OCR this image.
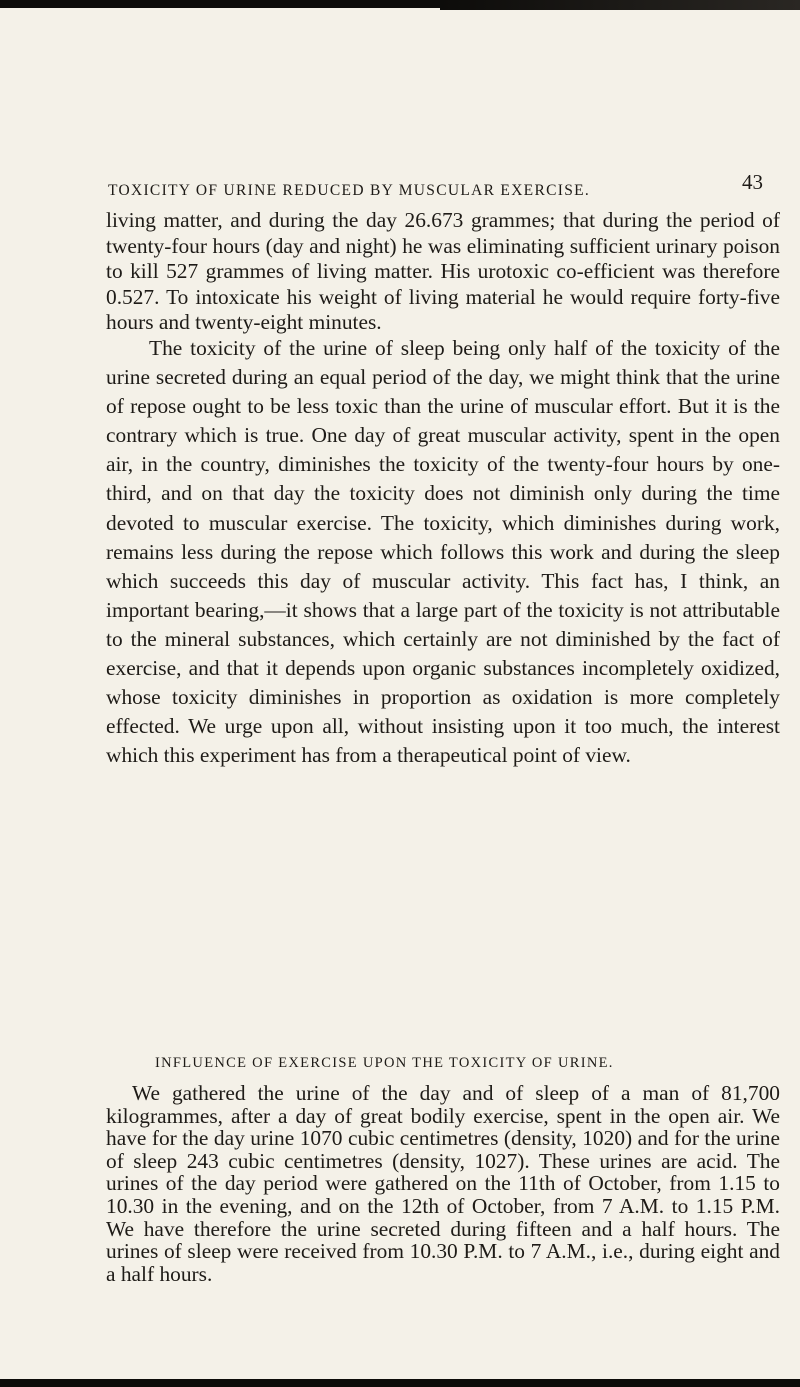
TOXICITY OF URINE REDUCED BY MUSCULAR EXERCISE.	43

living matter, and during the day 26.673 grammes; that during the period of twenty-four hours (day and night) he was eliminating sufficient urinary poison to kill 527 grammes of living matter. His urotoxic co-efficient was therefore 0.527. To intoxicate his weight of living material he would require forty-five hours and twenty-eight minutes.

The toxicity of the urine of sleep being only half of the toxicity of the urine secreted during an equal period of the day, we might think that the urine of repose ought to be less toxic than the urine of muscular effort. But it is the contrary which is true. One day of great muscular activity, spent in the open air, in the country, diminishes the toxicity of the twenty-four hours by one-third, and on that day the toxicity does not diminish only during the time devoted to muscular exercise. The toxicity, which diminishes during work, remains less during the repose which follows this work and during the sleep which succeeds this day of muscular activity. This fact has, I think, an important bearing,—it shows that a large part of the toxicity is not attributable to the mineral substances, which certainly are not diminished by the fact of exercise, and that it depends upon organic substances incompletely oxidized, whose toxicity diminishes in proportion as oxidation is more completely effected. We urge upon all, without insisting upon it too much, the interest which this experiment has from a therapeutical point of view.

INFLUENCE OF EXERCISE UPON THE TOXICITY OF URINE.

We gathered the urine of the day and of sleep of a man of 81,700 kilogrammes, after a day of great bodily exercise, spent in the open air. We have for the day urine 1070 cubic centimetres (density, 1020) and for the urine of sleep 243 cubic centimetres (density, 1027). These urines are acid. The urines of the day period were gathered on the 11th of October, from 1.15 to 10.30 in the evening, and on the 12th of October, from 7 A.M. to 1.15 P.M. We have therefore the urine secreted during fifteen and a half hours. The urines of sleep were received from 10.30 P.M. to 7 A.M., i.e., during eight and a half hours.
